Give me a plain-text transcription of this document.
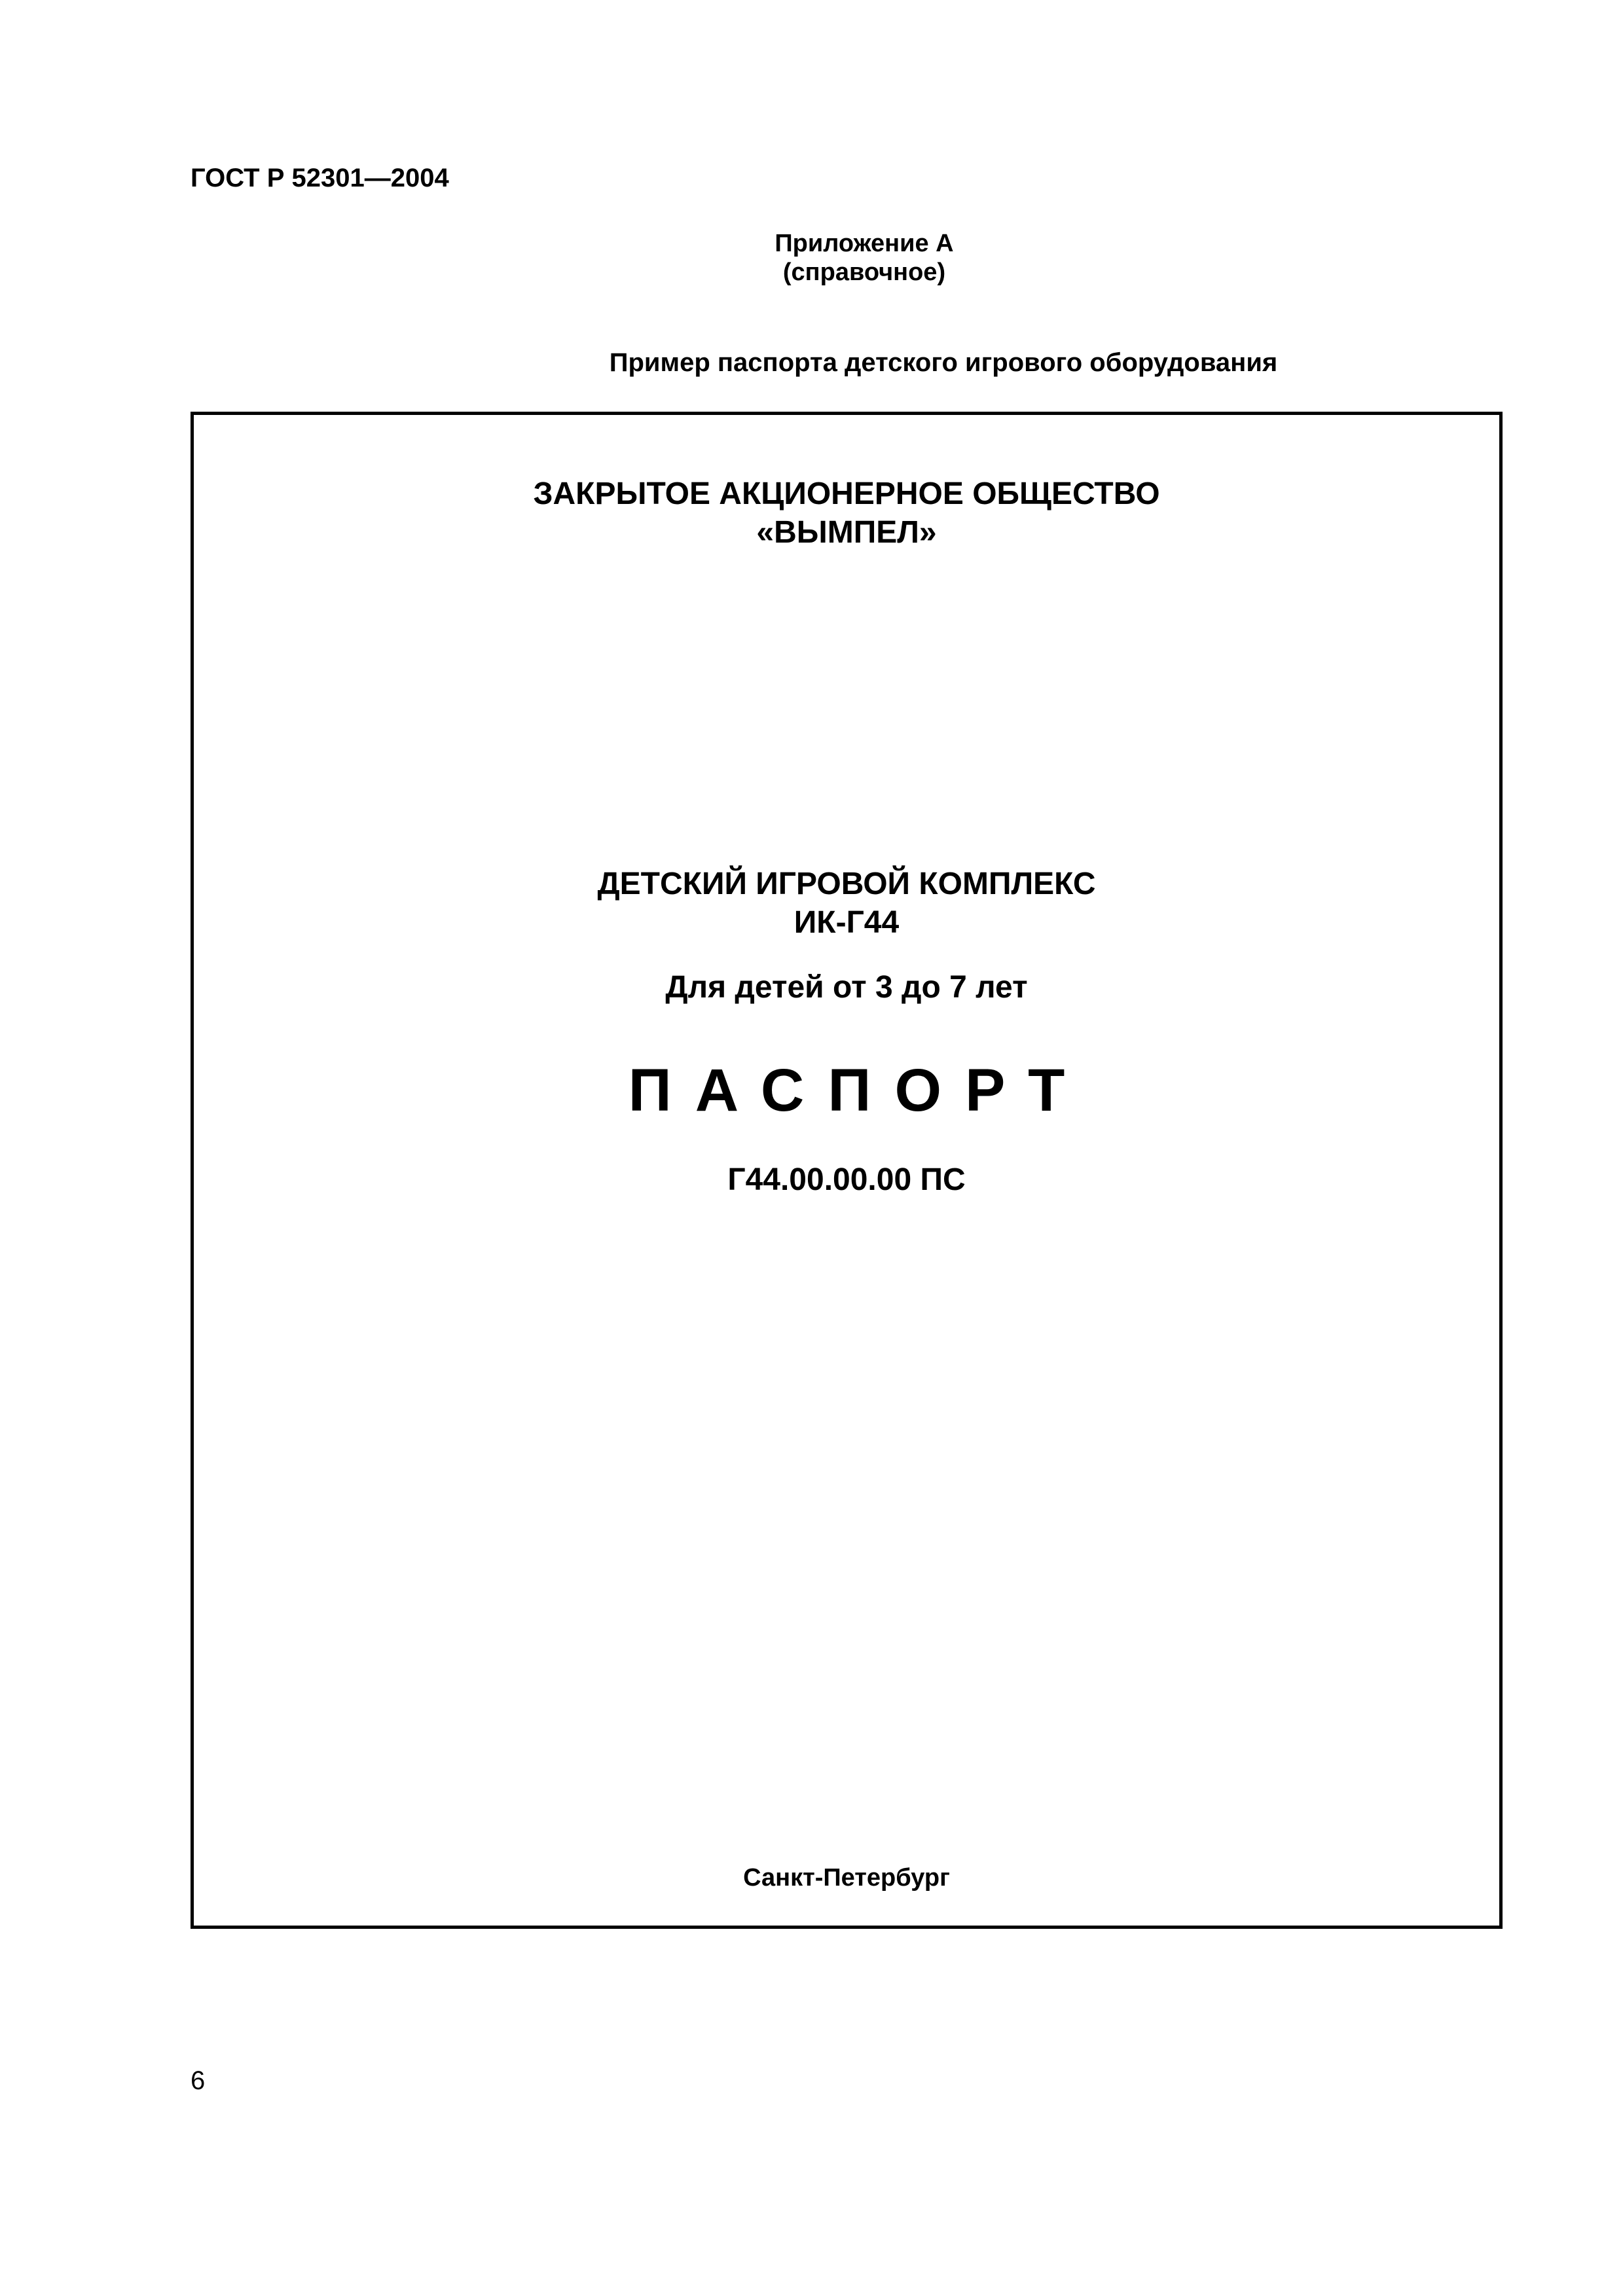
ГОСТ Р 52301—2004
Приложение А
(справочное)
Пример паспорта детского игрового оборудования
ЗАКРЫТОЕ АКЦИОНЕРНОЕ ОБЩЕСТВО
«ВЫМПЕЛ»
ДЕТСКИЙ ИГРОВОЙ КОМПЛЕКС
ИК-Г44
Для детей от 3 до 7 лет
ПАСПОРТ
Г44.00.00.00 ПС
Санкт-Петербург
6
